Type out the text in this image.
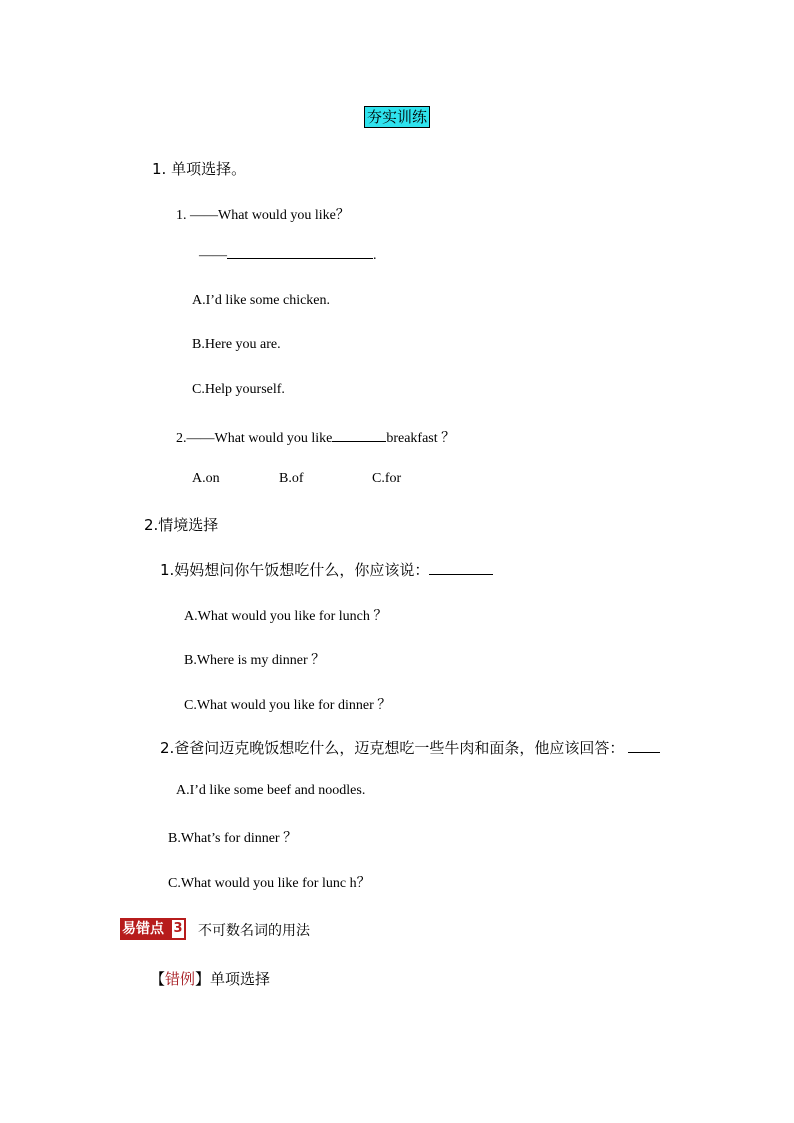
夯实训练
1. 单项选择。
1. ——What would you like？
——	.
A.I’d like some chicken.
B.Here you are.
C.Help yourself.
2.——What would you like	breakfast ？
A.on	B.of	C.for
2.情境选择
1.妈妈想问你午饭想吃什么，你应该说：
A.What would you like for lunch ？
B.Where is my dinner ？
C.What would you like for dinner ？
2.爸爸问迈克晚饭想吃什么，迈克想吃一些牛肉和面条，他应该回答：
A.I’d like some beef and noodles.
B.What’s for dinner ？
C.What would you like for lunc h？
易错点 3 不可数名词的用法
【错例】单项选择
